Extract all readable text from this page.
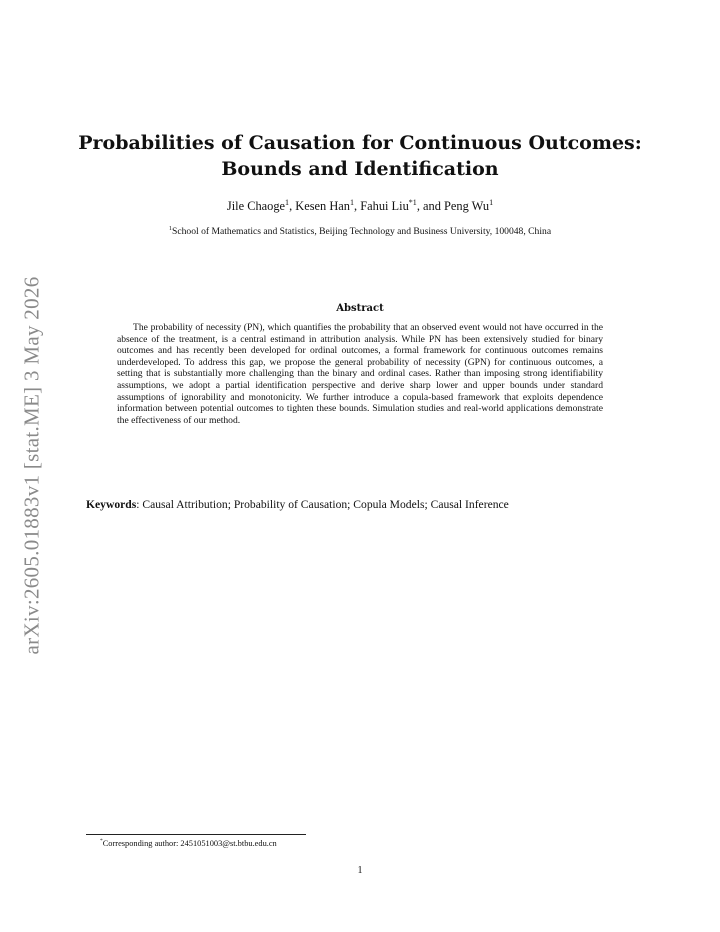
arXiv:2605.01883v1 [stat.ME] 3 May 2026
Probabilities of Causation for Continuous Outcomes:
Bounds and Identification
Jile Chaoge$^1$, Kesen Han$^1$, Fahui Liu$^{*1}$, and Peng Wu$^1$
$^1$School of Mathematics and Statistics, Beijing Technology and Business University, 100048, China
Abstract

The probability of necessity (PN), which quantifies the probability that an observed event would not have occurred in the absence of the treatment, is a central estimand in attribution analysis. While PN has been extensively studied for binary outcomes and has recently been developed for ordinal outcomes, a formal framework for continuous outcomes remains underdeveloped. To address this gap, we propose the general probability of necessity (GPN) for continuous outcomes, a setting that is substantially more challenging than the binary and ordinal cases. Rather than imposing strong identifiability assumptions, we adopt a partial identification perspective and derive sharp lower and upper bounds under standard assumptions of ignorability and monotonicity. We further introduce a copula-based framework that exploits dependence information between potential outcomes to tighten these bounds. Simulation studies and real-world applications demonstrate the effectiveness of our method.

Keywords: Causal Attribution; Probability of Causation; Copula Models; Causal Inference
*Corresponding author: 2451051003@st.btbu.edu.cn
1
